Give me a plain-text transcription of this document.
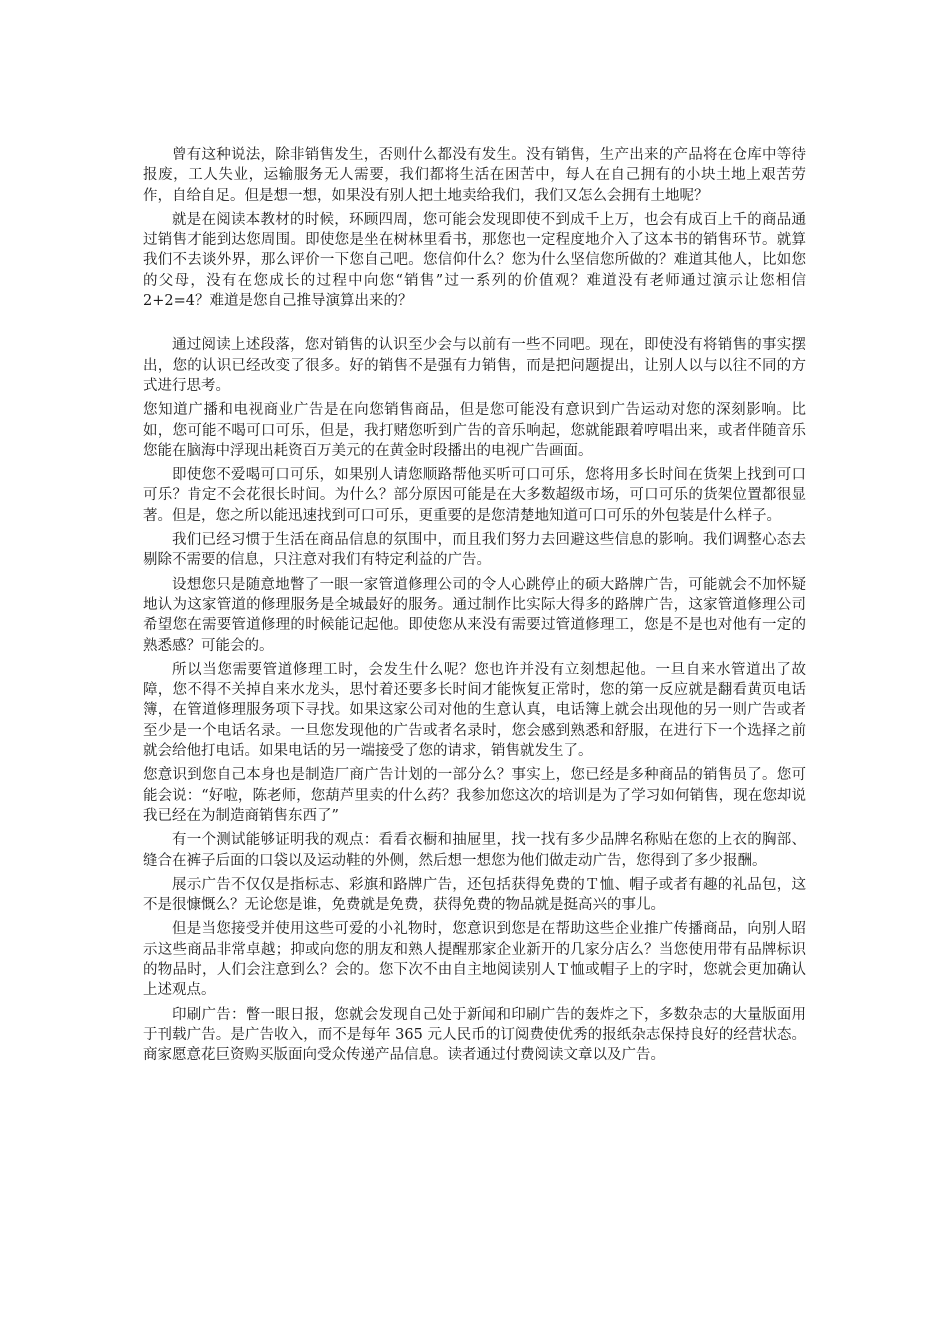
曾有这种说法，除非销售发生，否则什么都没有发生。没有销售，生产出来的产品将在仓库中等待报废，工人失业，运输服务无人需要，我们都将生活在困苦中，每人在自己拥有的小块土地上艰苦劳作，自给自足。但是想一想，如果没有别人把土地卖给我们，我们又怎么会拥有土地呢？

就是在阅读本教材的时候，环顾四周，您可能会发现即使不到成千上万，也会有成百上千的商品通过销售才能到达您周围。即使您是坐在树林里看书，那您也一定程度地介入了这本书的销售环节。就算我们不去谈外界，那么评价一下您自己吧。您信仰什么？您为什么坚信您所做的？难道其他人，比如您的父母，没有在您成长的过程中向您“销售”过一系列的价值观？难道没有老师通过演示让您相信 2+2=4？难道是您自己推导演算出来的？

通过阅读上述段落，您对销售的认识至少会与以前有一些不同吧。现在，即使没有将销售的事实摆出，您的认识已经改变了很多。好的销售不是强有力销售，而是把问题提出，让别人以与以往不同的方式进行思考。

您知道广播和电视商业广告是在向您销售商品，但是您可能没有意识到广告运动对您的深刻影响。比如，您可能不喝可口可乐，但是，我打赌您听到广告的音乐响起，您就能跟着哼唱出来，或者伴随音乐您能在脑海中浮现出耗资百万美元的在黄金时段播出的电视广告画面。

即使您不爱喝可口可乐，如果别人请您顺路帮他买听可口可乐，您将用多长时间在货架上找到可口可乐？肯定不会花很长时间。为什么？部分原因可能是在大多数超级市场，可口可乐的货架位置都很显著。但是，您之所以能迅速找到可口可乐，更重要的是您清楚地知道可口可乐的外包装是什么样子。

我们已经习惯于生活在商品信息的氛围中，而且我们努力去回避这些信息的影响。我们调整心态去剔除不需要的信息，只注意对我们有特定利益的广告。

设想您只是随意地瞥了一眼一家管道修理公司的令人心跳停止的硕大路牌广告，可能就会不加怀疑地认为这家管道的修理服务是全城最好的服务。通过制作比实际大得多的路牌广告，这家管道修理公司希望您在需要管道修理的时候能记起他。即使您从来没有需要过管道修理工，您是不是也对他有一定的熟悉感？可能会的。

所以当您需要管道修理工时，会发生什么呢？您也许并没有立刻想起他。一旦自来水管道出了故障，您不得不关掉自来水龙头，思忖着还要多长时间才能恢复正常时，您的第一反应就是翻看黄页电话簿，在管道修理服务项下寻找。如果这家公司对他的生意认真，电话簿上就会出现他的另一则广告或者至少是一个电话名录。一旦您发现他的广告或者名录时，您会感到熟悉和舒服，在进行下一个选择之前就会给他打电话。如果电话的另一端接受了您的请求，销售就发生了。

您意识到您自己本身也是制造厂商广告计划的一部分么？事实上，您已经是多种商品的销售员了。您可能会说：“好啦，陈老师，您葫芦里卖的什么药？我参加您这次的培训是为了学习如何销售，现在您却说我已经在为制造商销售东西了”

有一个测试能够证明我的观点：看看衣橱和抽屉里，找一找有多少品牌名称贴在您的上衣的胸部、缝合在裤子后面的口袋以及运动鞋的外侧，然后想一想您为他们做走动广告，您得到了多少报酬。

展示广告不仅仅是指标志、彩旗和路牌广告，还包括获得免费的Ｔ恤、帽子或者有趣的礼品包，这不是很慷慨么？无论您是谁，免费就是免费，获得免费的物品就是挺高兴的事儿。

但是当您接受并使用这些可爱的小礼物时，您意识到您是在帮助这些企业推广传播商品，向别人昭示这些商品非常卓越；抑或向您的朋友和熟人提醒那家企业新开的几家分店么？当您使用带有品牌标识的物品时，人们会注意到么？会的。您下次不由自主地阅读别人Ｔ恤或帽子上的字时，您就会更加确认上述观点。

印刷广告：瞥一眼日报，您就会发现自己处于新闻和印刷广告的轰炸之下，多数杂志的大量版面用于刊载广告。是广告收入，而不是每年 365 元人民币的订阅费使优秀的报纸杂志保持良好的经营状态。商家愿意花巨资购买版面向受众传递产品信息。读者通过付费阅读文章以及广告。
